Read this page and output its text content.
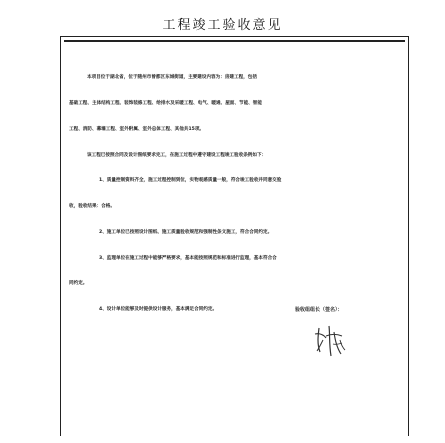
工程竣工验收意见

本项目位于湖北省，位于随州市曾都区东城街道，主要建设内容为：房建工程，包括

基础工程、主体结构工程、装饰装修工程、给排水及采暖工程、电气、暖通、屋面、节能、智能

工程、消防、幕墙工程、室外附属、室外总体工程、其他共15项。

该工程已按照合同及设计图纸要求完工，在施工过程中遵守建设工程竣工验收条例如下：

1、质量控制资料齐全，施工过程控制到位，实物观感质量一般，符合竣工验收并同意交验

收，验收结果：合格。

2、施工单位已按照设计图纸、施工质量验收规范和强制性条文施工，符合合同约定。

3、监理单位在施工过程中能够严格要求，基本能按照规范和标准进行监理，基本符合合

同约定。

4、设计单位能够及时提供设计服务，基本满足合同约定。

	验收组组长（签名）：
